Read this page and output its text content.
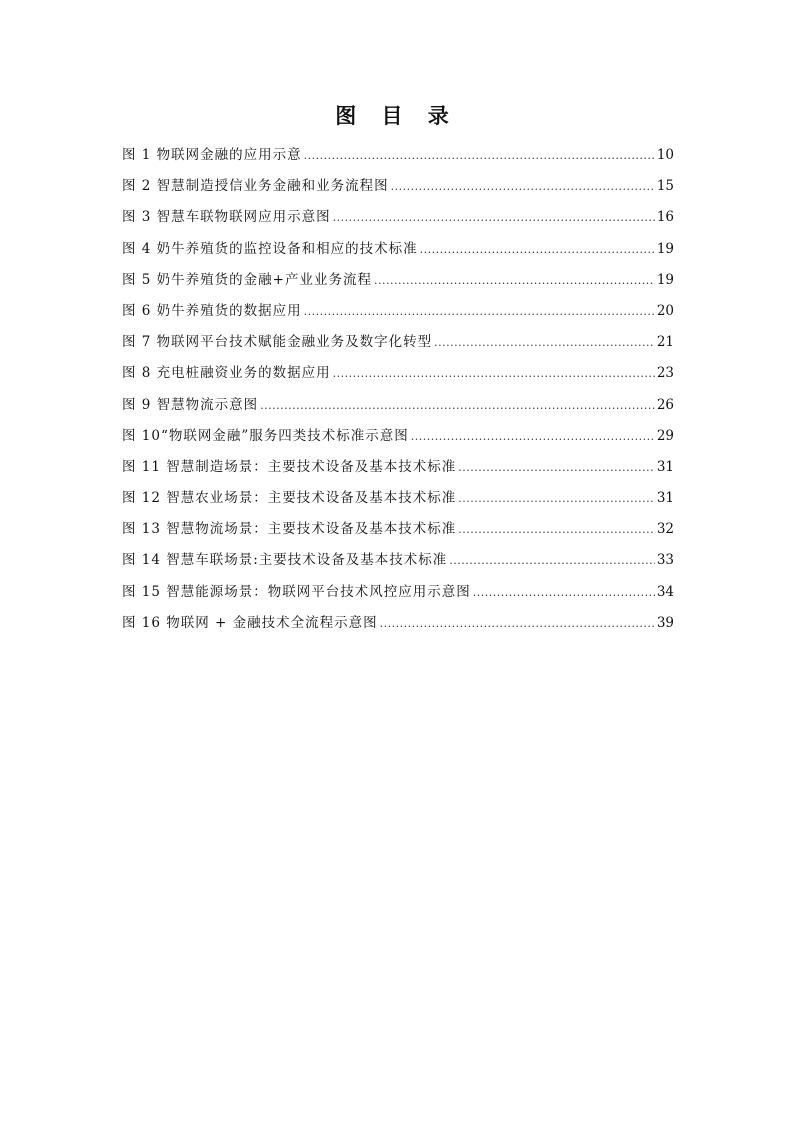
图 目 录
图 1 物联网金融的应用示意 .....	10
图 2 智慧制造授信业务金融和业务流程图 .....	15
图 3 智慧车联物联网应用示意图 .....	16
图 4 奶牛养殖货的监控设备和相应的技术标准 .....	19
图 5 奶牛养殖货的金融+产业业务流程 .....	19
图 6 奶牛养殖货的数据应用 .....	20
图 7 物联网平台技术赋能金融业务及数字化转型 .....	21
图 8 充电桩融资业务的数据应用 .....	23
图 9 智慧物流示意图 .....	26
图 10“物联网金融”服务四类技术标准示意图 .....	29
图 11 智慧制造场景：主要技术设备及基本技术标准 .....	31
图 12 智慧农业场景：主要技术设备及基本技术标准 .....	31
图 13 智慧物流场景：主要技术设备及基本技术标准 .....	32
图 14 智慧车联场景:主要技术设备及基本技术标准 .....	33
图 15 智慧能源场景：物联网平台技术风控应用示意图 .....	34
图 16 物联网 + 金融技术全流程示意图 .....	39
